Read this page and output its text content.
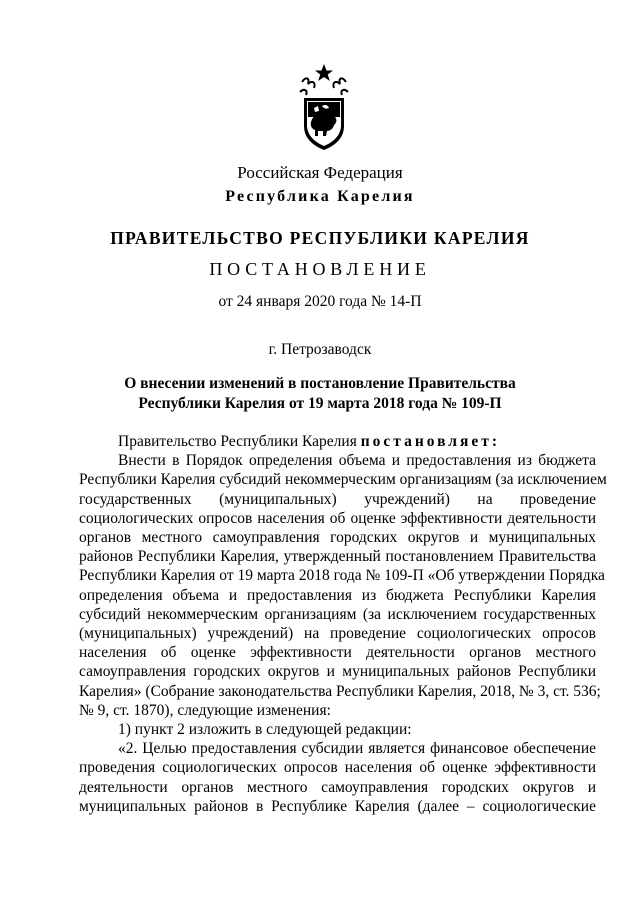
Российская Федерация
Республика Карелия
ПРАВИТЕЛЬСТВО РЕСПУБЛИКИ КАРЕЛИЯ
ПОСТАНОВЛЕНИЕ
от 24 января 2020 года № 14-П
г. Петрозаводск
О внесении изменений в постановление Правительства
Республики Карелия от 19 марта 2018 года № 109-П

Правительство Республики Карелия постановляет:

Внести в Порядок определения объема и предоставления из бюджета
Республики Карелия субсидий некоммерческим организациям (за исключением
государственных (муниципальных) учреждений) на проведение
социологических опросов населения об оценке эффективности деятельности
органов местного самоуправления городских округов и муниципальных
районов Республики Карелия, утвержденный постановлением Правительства
Республики Карелия от 19 марта 2018 года № 109-П «Об утверждении Порядка
определения объема и предоставления из бюджета Республики Карелия
субсидий некоммерческим организациям (за исключением государственных
(муниципальных) учреждений) на проведение социологических опросов
населения об оценке эффективности деятельности органов местного
самоуправления городских округов и муниципальных районов Республики
Карелия» (Собрание законодательства Республики Карелия, 2018, № 3, ст. 536;
№ 9, ст. 1870), следующие изменения:
1) пункт 2 изложить в следующей редакции:
«2. Целью предоставления субсидии является финансовое обеспечение
проведения социологических опросов населения об оценке эффективности
деятельности органов местного самоуправления городских округов и
муниципальных районов в Республике Карелия (далее – социологические
